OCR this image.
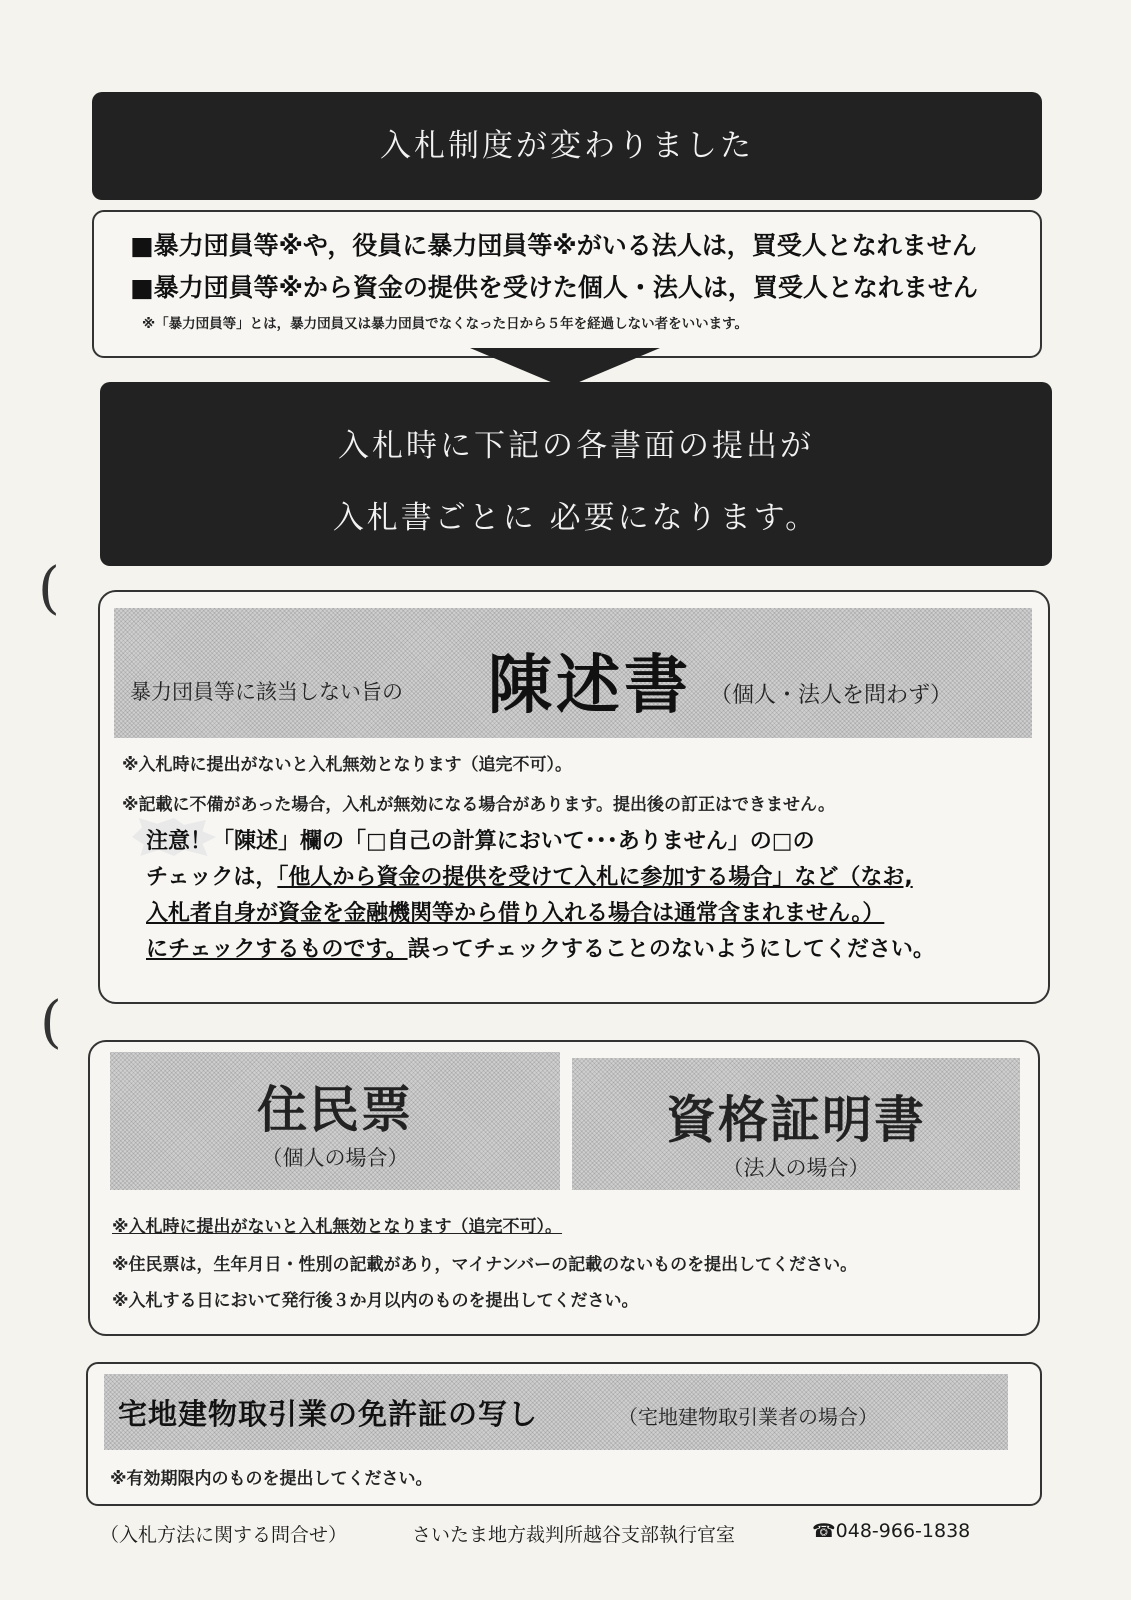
入札制度が変わりました
■暴力団員等※や，役員に暴力団員等※がいる法人は，買受人となれません
■暴力団員等※から資金の提供を受けた個人・法人は，買受人となれません
※「暴力団員等」とは，暴力団員又は暴力団員でなくなった日から５年を経過しない者をいいます。
入札時に下記の各書面の提出が
入札書ごとに 必要になります。
(
(
暴力団員等に該当しない旨の 陳述書 （個人・法人を問わず）
※入札時に提出がないと入札無効となります（追完不可）。
※記載に不備があった場合，入札が無効になる場合があります。提出後の訂正はできません。
注意！「陳述」欄の「□自己の計算において･･･ありません」の□の
チェックは，「他人から資金の提供を受けて入札に参加する場合」など（なお,
入札者自身が資金を金融機関等から借り入れる場合は通常含まれません。）
にチェックするものです。誤ってチェックすることのないようにしてください。
住民票
（個人の場合）
資格証明書
（法人の場合）
※入札時に提出がないと入札無効となります（追完不可）。
※住民票は，生年月日・性別の記載があり，マイナンバーの記載のないものを提出してください。
※入札する日において発行後３か月以内のものを提出してください。
宅地建物取引業の免許証の写し	（宅地建物取引業者の場合）
※有効期限内のものを提出してください。
（入札方法に関する問合せ）	さいたま地方裁判所越谷支部執行官室	☎048-966-1838
